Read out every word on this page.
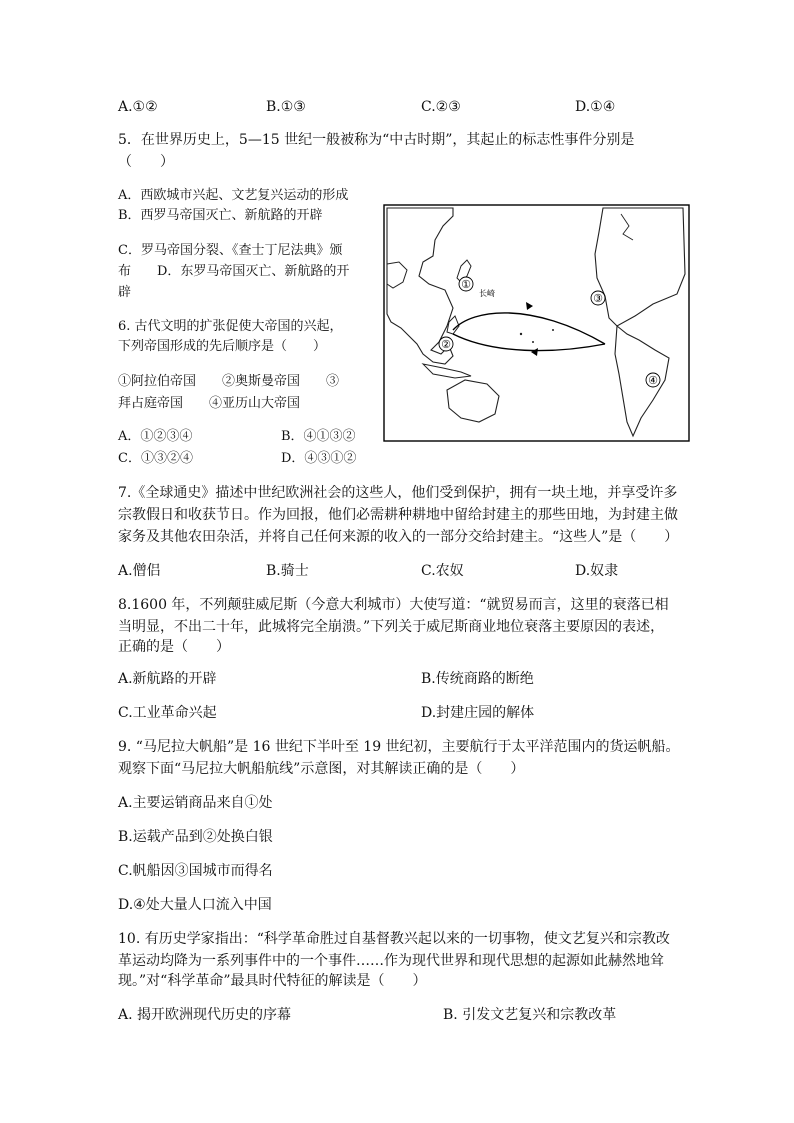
A.①②	B.①③	C.②③	D.①④
5．在世界历史上，5—15 世纪一般被称为“中古时期”，其起止的标志性事件分别是
（　　）
A．西欧城市兴起、文艺复兴运动的形成
B．西罗马帝国灭亡、新航路的开辟
C．罗马帝国分裂、《查士丁尼法典》颁
布　　D．东罗马帝国灭亡、新航路的开
辟
6. 古代文明的扩张促使大帝国的兴起，
下列帝国形成的先后顺序是（　　）
①阿拉伯帝国　　②奥斯曼帝国　　③
拜占庭帝国　　④亚历山大帝国
A．①②③④	B．④①③②
C．①③②④	D．④③①②
①
长崎
②
③
④
7.《全球通史》描述中世纪欧洲社会的这些人，他们受到保护，拥有一块土地，并享受许多
宗教假日和收获节日。作为回报，他们必需耕种耕地中留给封建主的那些田地，为封建主做
家务及其他农田杂活，并将自己任何来源的收入的一部分交给封建主。“这些人”是（　　）
A.僧侣	B.骑士	C.农奴	D.奴隶
8.1600 年，不列颠驻威尼斯（今意大利城市）大使写道：“就贸易而言，这里的衰落已相
当明显，不出二十年，此城将完全崩溃。”下列关于威尼斯商业地位衰落主要原因的表述，
正确的是（　　）
A.新航路的开辟	B.传统商路的断绝
C.工业革命兴起	D.封建庄园的解体
9. “马尼拉大帆船”是 16 世纪下半叶至 19 世纪初，主要航行于太平洋范围内的货运帆船。
观察下面“马尼拉大帆船航线”示意图，对其解读正确的是（　　）
A.主要运销商品来自①处
B.运载产品到②处换白银
C.帆船因③国城市而得名
D.④处大量人口流入中国
10. 有历史学家指出：“科学革命胜过自基督教兴起以来的一切事物，使文艺复兴和宗教改
革运动均降为一系列事件中的一个事件……作为现代世界和现代思想的起源如此赫然地耸
现。”对“科学革命”最具时代特征的解读是（　　）
A. 揭开欧洲现代历史的序幕	B. 引发文艺复兴和宗教改革
